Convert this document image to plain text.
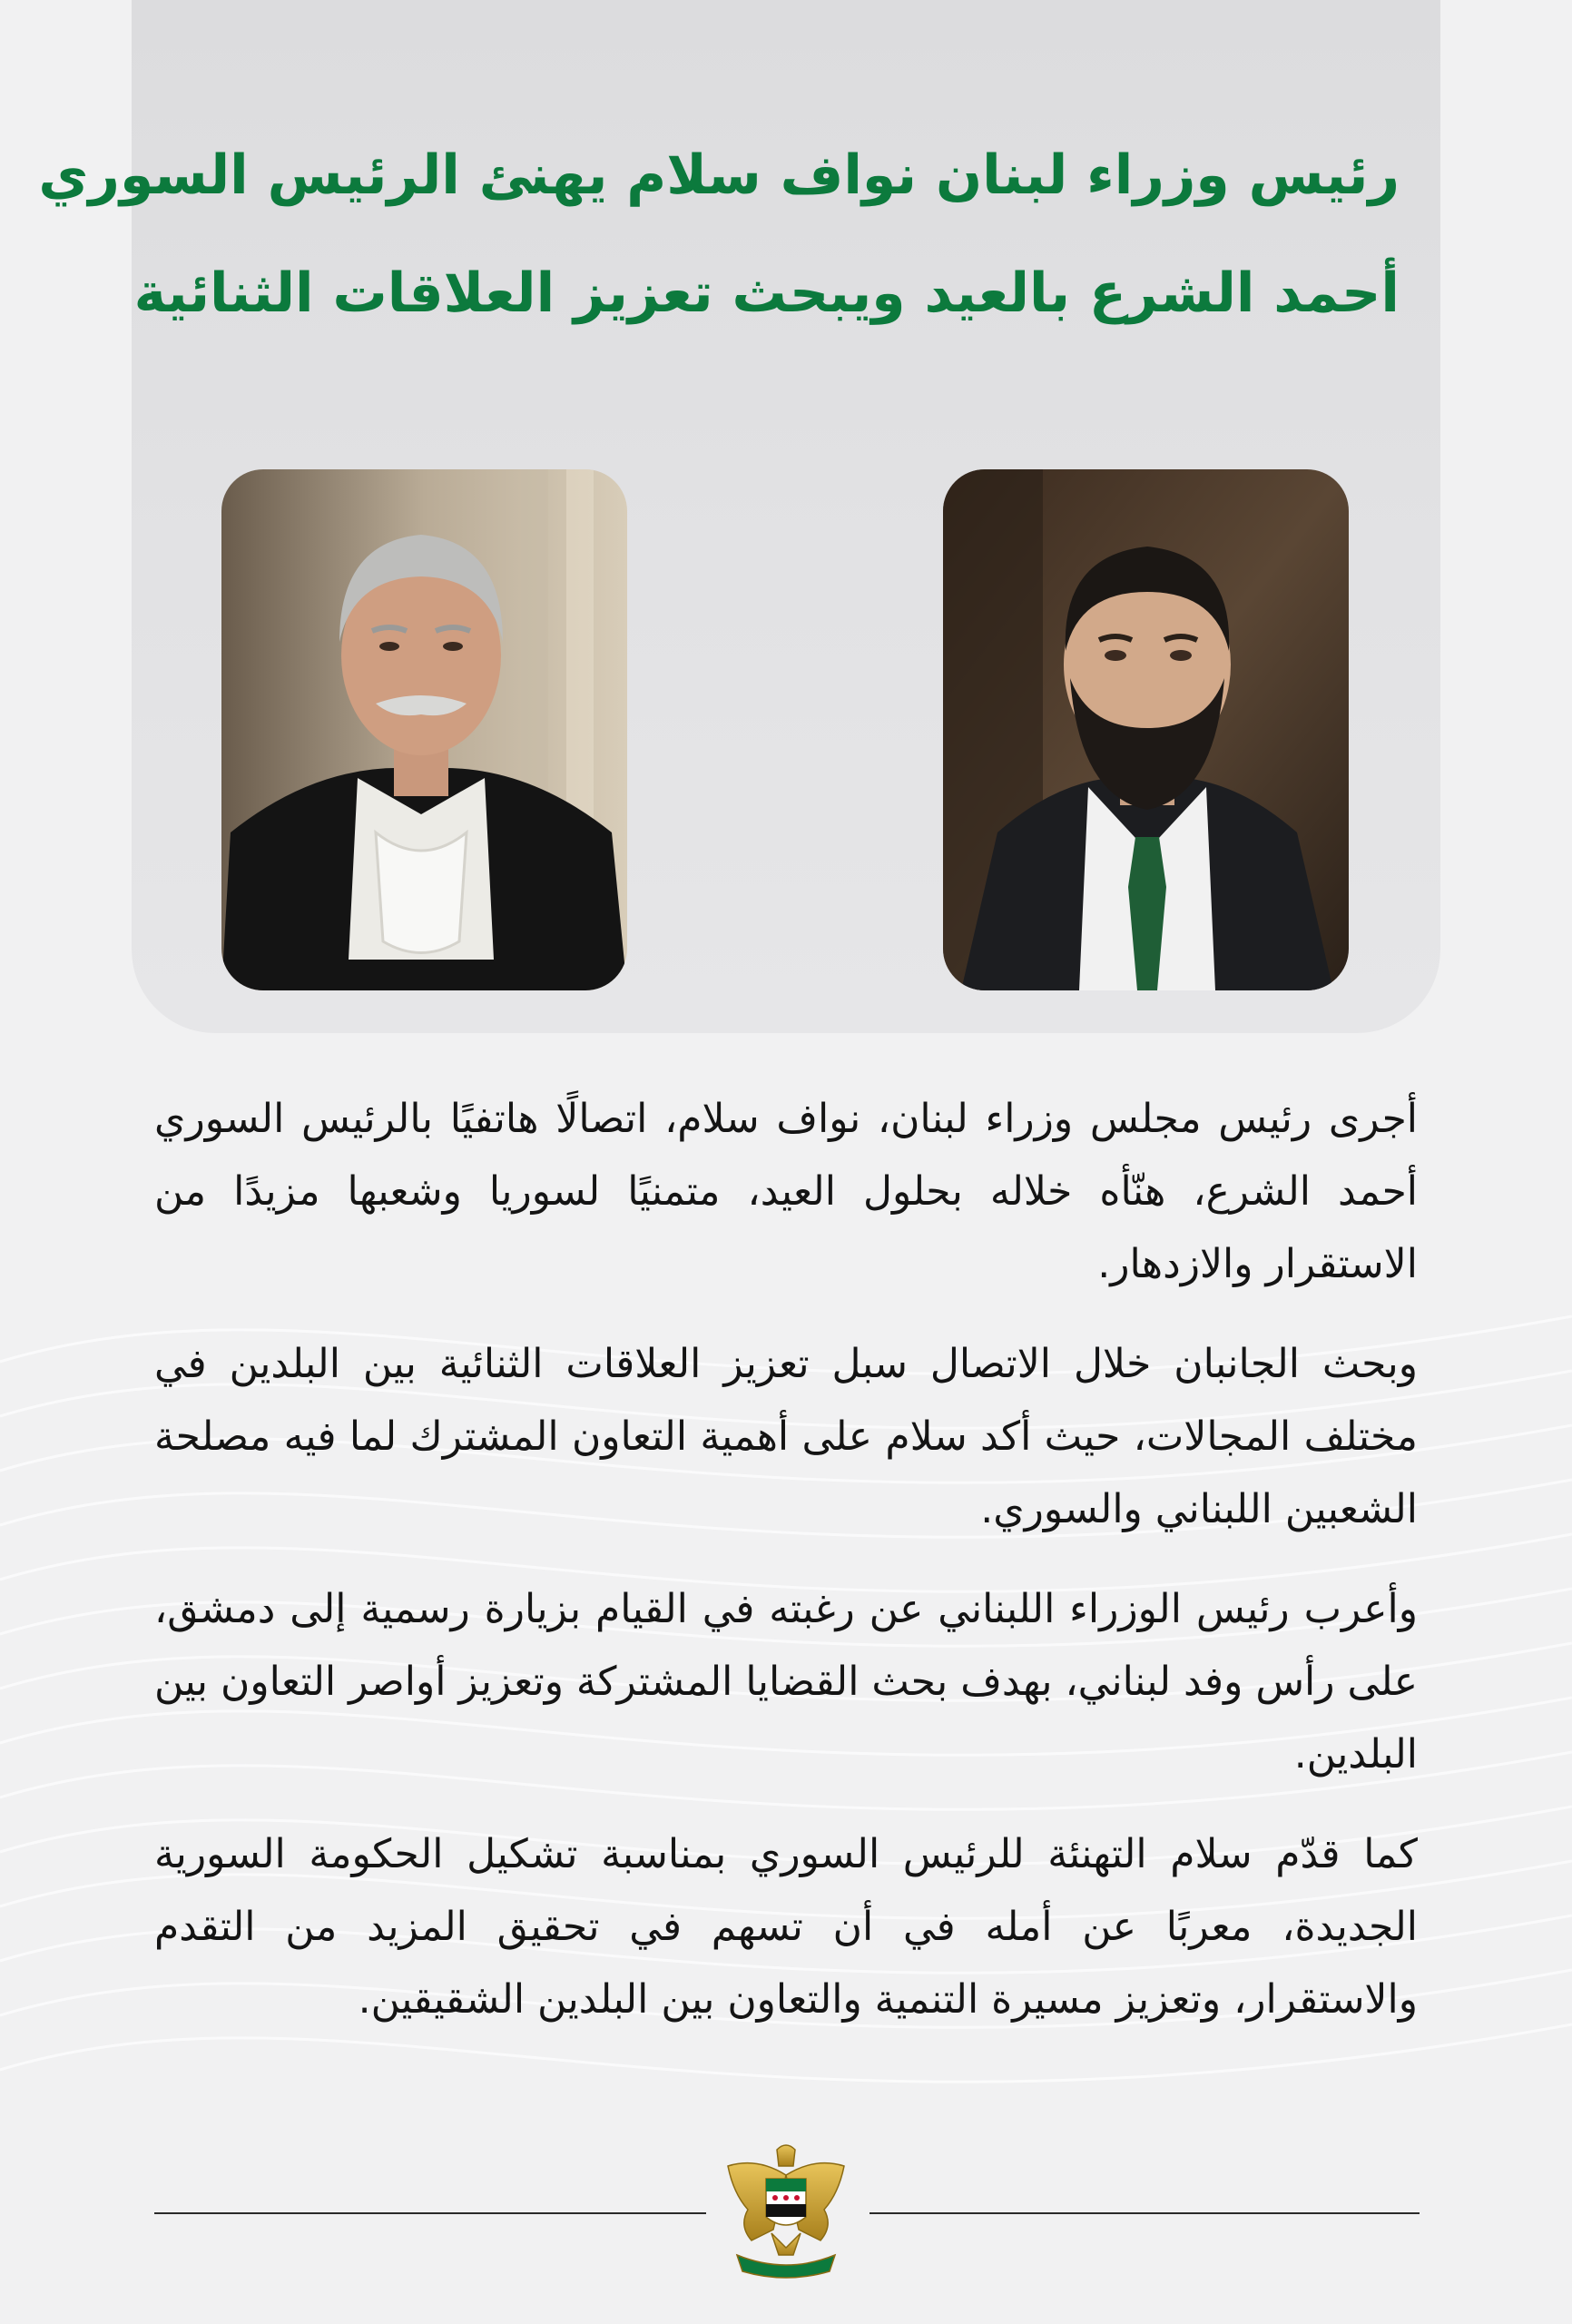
رئيس وزراء لبنان نواف سلام يهنئ الرئيس السوري
أحمد الشرع بالعيد ويبحث تعزيز العلاقات الثنائية

أجرى رئيس مجلس وزراء لبنان، نواف سلام، اتصالًا هاتفيًا بالرئيس السوري أحمد الشرع، هنّأه خلاله بحلول العيد، متمنيًا لسوريا وشعبها مزيدًا من الاستقرار والازدهار.

وبحث الجانبان خلال الاتصال سبل تعزيز العلاقات الثنائية بين البلدين في مختلف المجالات، حيث أكد سلام على أهمية التعاون المشترك لما فيه مصلحة الشعبين اللبناني والسوري.

وأعرب رئيس الوزراء اللبناني عن رغبته في القيام بزيارة رسمية إلى دمشق، على رأس وفد لبناني، بهدف بحث القضايا المشتركة وتعزيز أواصر التعاون بين البلدين.

كما قدّم سلام التهنئة للرئيس السوري بمناسبة تشكيل الحكومة السورية الجديدة، معربًا عن أمله في أن تسهم في تحقيق المزيد من التقدم والاستقرار، وتعزيز مسيرة التنمية والتعاون بين البلدين الشقيقين.
